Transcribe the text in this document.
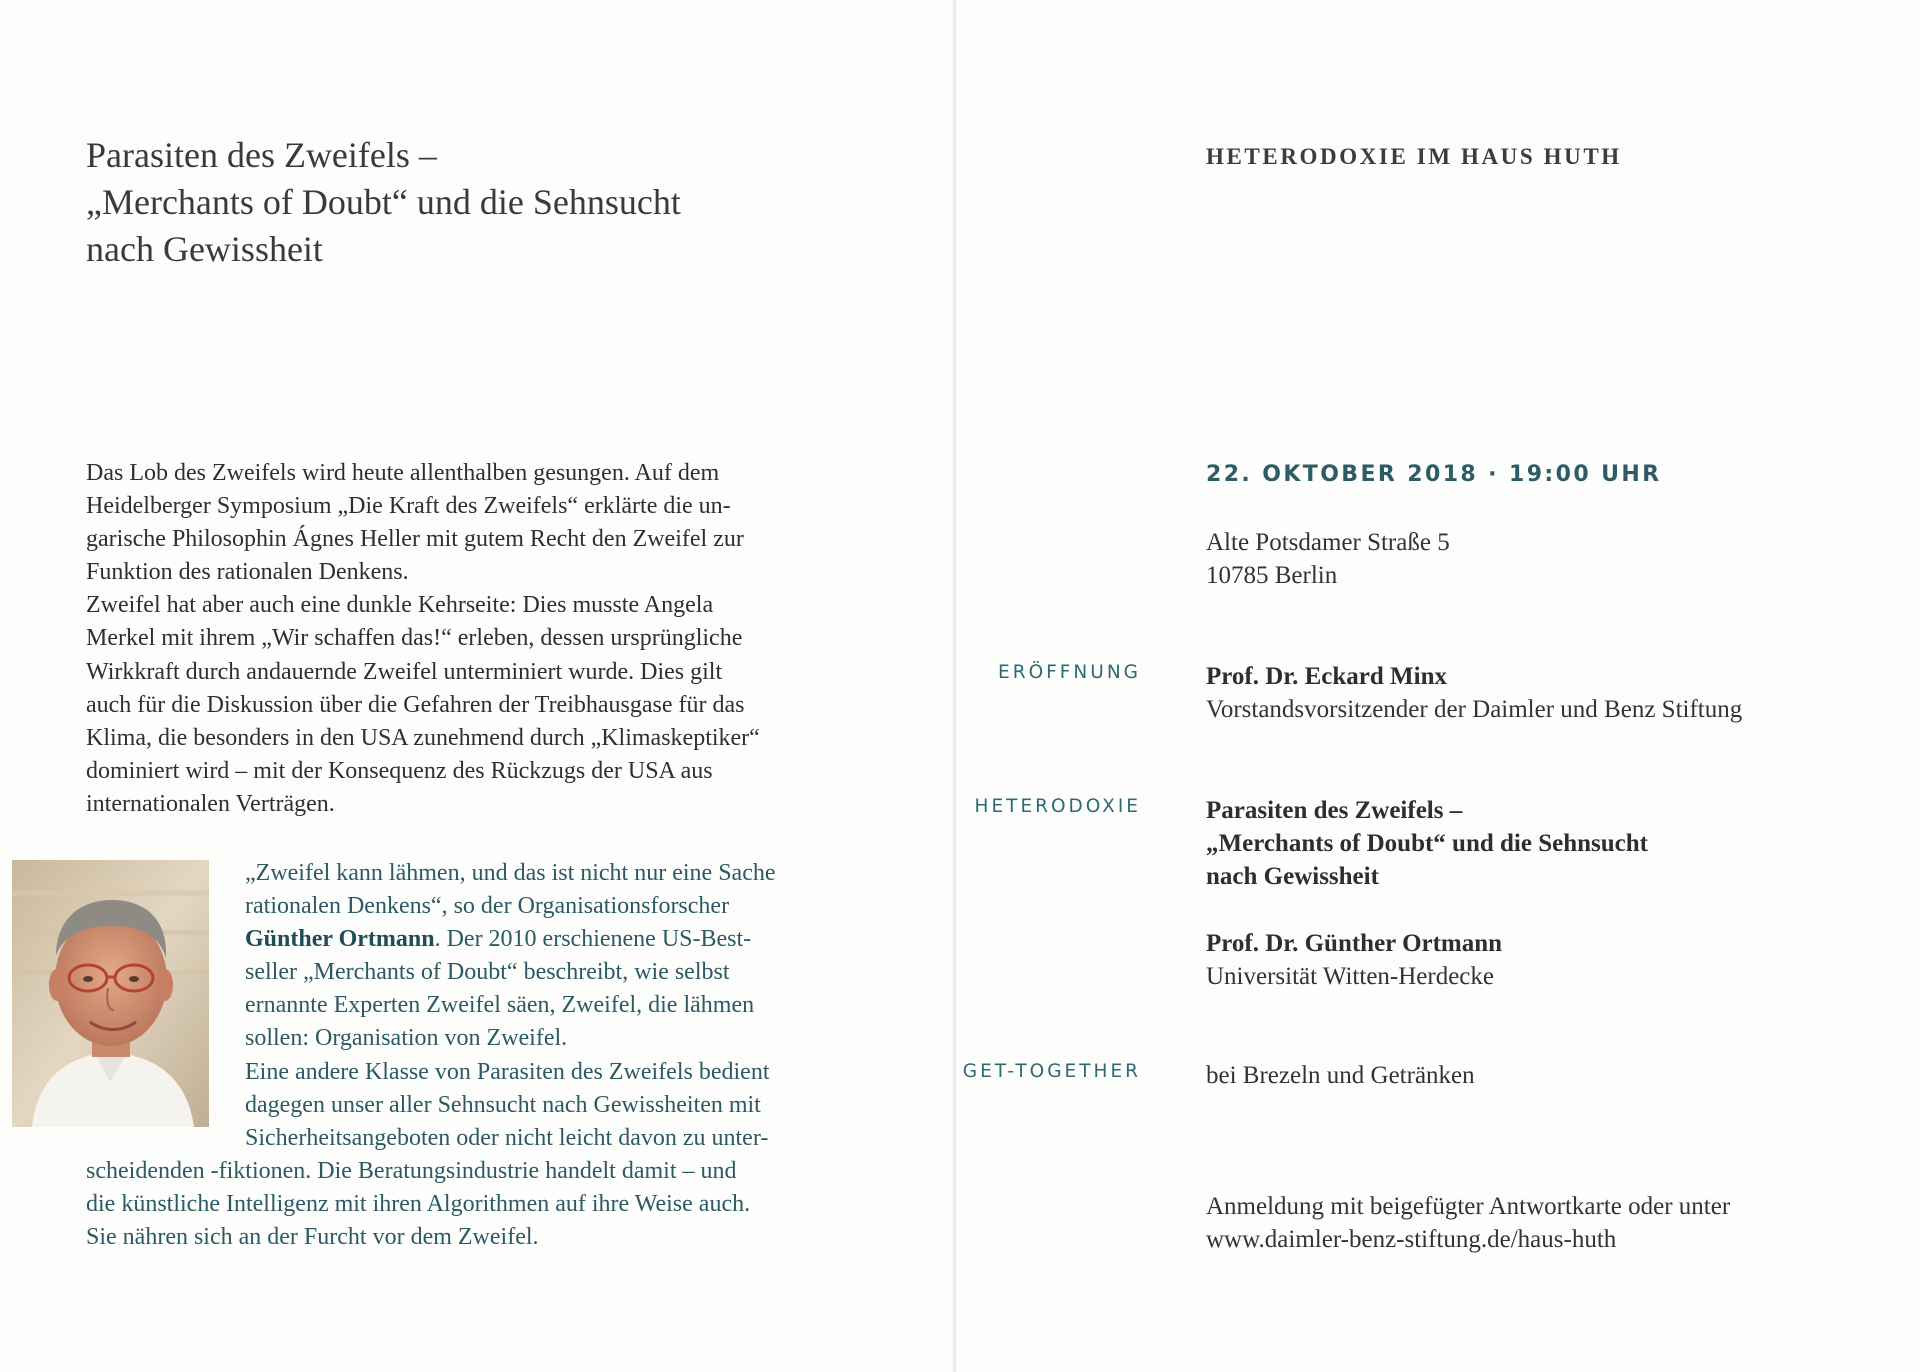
Parasiten des Zweifels –
„Merchants of Doubt“ und die Sehnsucht
nach Gewissheit
Das Lob des Zweifels wird heute allenthalben gesungen. Auf dem
Heidelberger Symposium „Die Kraft des Zweifels“ erklärte die un-
garische Philosophin Ágnes Heller mit gutem Recht den Zweifel zur
Funktion des rationalen Denkens.
Zweifel hat aber auch eine dunkle Kehrseite: Dies musste Angela
Merkel mit ihrem „Wir schaffen das!“ erleben, dessen ursprüngliche
Wirkkraft durch andauernde Zweifel unterminiert wurde. Dies gilt
auch für die Diskussion über die Gefahren der Treibhausgase für das
Klima, die besonders in den USA zunehmend durch „Klimaskeptiker“
dominiert wird – mit der Konsequenz des Rückzugs der USA aus
internationalen Verträgen.
„Zweifel kann lähmen, und das ist nicht nur eine Sache
rationalen Denkens“, so der Organisationsforscher
Günther Ortmann. Der 2010 erschienene US-Best-
seller „Merchants of Doubt“ beschreibt, wie selbst
ernannte Experten Zweifel säen, Zweifel, die lähmen
sollen: Organisation von Zweifel.
Eine andere Klasse von Parasiten des Zweifels bedient
dagegen unser aller Sehnsucht nach Gewissheiten mit
Sicherheitsangeboten oder nicht leicht davon zu unter-
scheidenden -fiktionen. Die Beratungsindustrie handelt damit – und
die künstliche Intelligenz mit ihren Algorithmen auf ihre Weise auch.
Sie nähren sich an der Furcht vor dem Zweifel.
HETERODOXIE IM HAUS HUTH
22. OKTOBER 2018 · 19:00 UHR
Alte Potsdamer Straße 5
10785 Berlin
ERÖFFNUNG	Prof. Dr. Eckard Minx
Vorstandsvorsitzender der Daimler und Benz Stiftung
HETERODOXIE	Parasiten des Zweifels –
„Merchants of Doubt“ und die Sehnsucht
nach Gewissheit
Prof. Dr. Günther Ortmann
Universität Witten-Herdecke
GET-TOGETHER	bei Brezeln und Getränken
Anmeldung mit beigefügter Antwortkarte oder unter
www.daimler-benz-stiftung.de/haus-huth
